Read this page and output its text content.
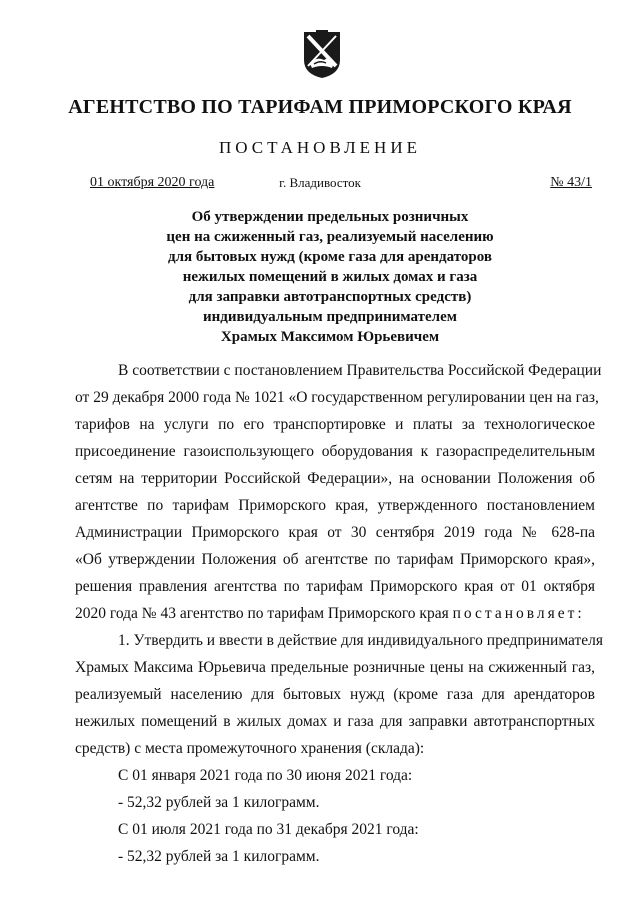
АГЕНТСТВО ПО ТАРИФАМ ПРИМОРСКОГО КРАЯ
ПОСТАНОВЛЕНИЕ
01 октября 2020 года	г. Владивосток	№ 43/1
Об утверждении предельных розничных
цен на сжиженный газ, реализуемый населению
для бытовых нужд (кроме газа для арендаторов
нежилых помещений в жилых домах и газа
для заправки автотранспортных средств)
индивидуальным предпринимателем
Храмых Максимом Юрьевичем

В соответствии с постановлением Правительства Российской Федерации

от 29 декабря 2000 года № 1021 «О государственном регулировании цен на газ,

тарифов на услуги по его транспортировке и платы за технологическое

присоединение газоиспользующего оборудования к газораспределительным

сетям на территории Российской Федерации», на основании Положения об

агентстве по тарифам Приморского края, утвержденного постановлением

Администрации Приморского края от 30 сентября 2019 года № 628-па

«Об утверждении Положения об агентстве по тарифам Приморского края»,

решения правления агентства по тарифам Приморского края от 01 октября

2020 года № 43 агентство по тарифам Приморского края постановляет:

1. Утвердить и ввести в действие для индивидуального предпринимателя

Храмых Максима Юрьевича предельные розничные цены на сжиженный газ,

реализуемый населению для бытовых нужд (кроме газа для арендаторов

нежилых помещений в жилых домах и газа для заправки автотранспортных

средств) с места промежуточного хранения (склада):

С 01 января 2021 года по 30 июня 2021 года:

- 52,32 рублей за 1 килограмм.

С 01 июля 2021 года по 31 декабря 2021 года:

- 52,32 рублей за 1 килограмм.
